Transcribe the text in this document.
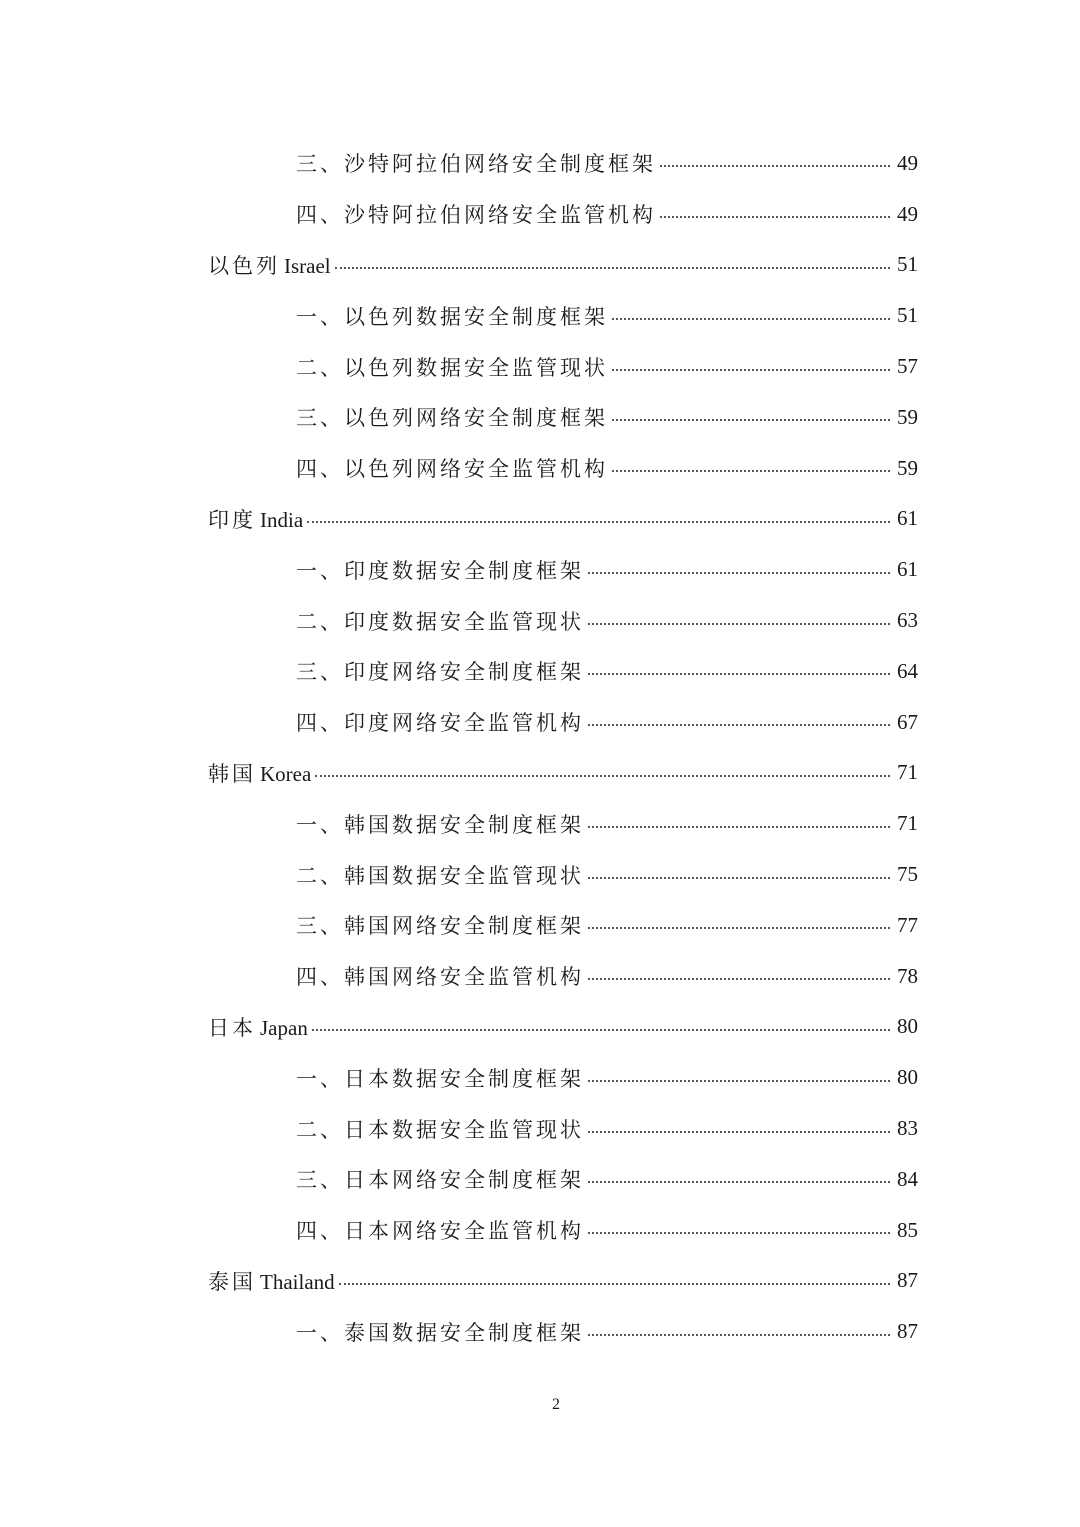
三、沙特阿拉伯网络安全制度框架	49
四、沙特阿拉伯网络安全监管机构	49
以色列 Israel	51
一、以色列数据安全制度框架	51
二、以色列数据安全监管现状	57
三、以色列网络安全制度框架	59
四、以色列网络安全监管机构	59
印度 India	61
一、印度数据安全制度框架	61
二、印度数据安全监管现状	63
三、印度网络安全制度框架	64
四、印度网络安全监管机构	67
韩国 Korea	71
一、韩国数据安全制度框架	71
二、韩国数据安全监管现状	75
三、韩国网络安全制度框架	77
四、韩国网络安全监管机构	78
日本 Japan	80
一、日本数据安全制度框架	80
二、日本数据安全监管现状	83
三、日本网络安全制度框架	84
四、日本网络安全监管机构	85
泰国 Thailand	87
一、泰国数据安全制度框架	87
2
